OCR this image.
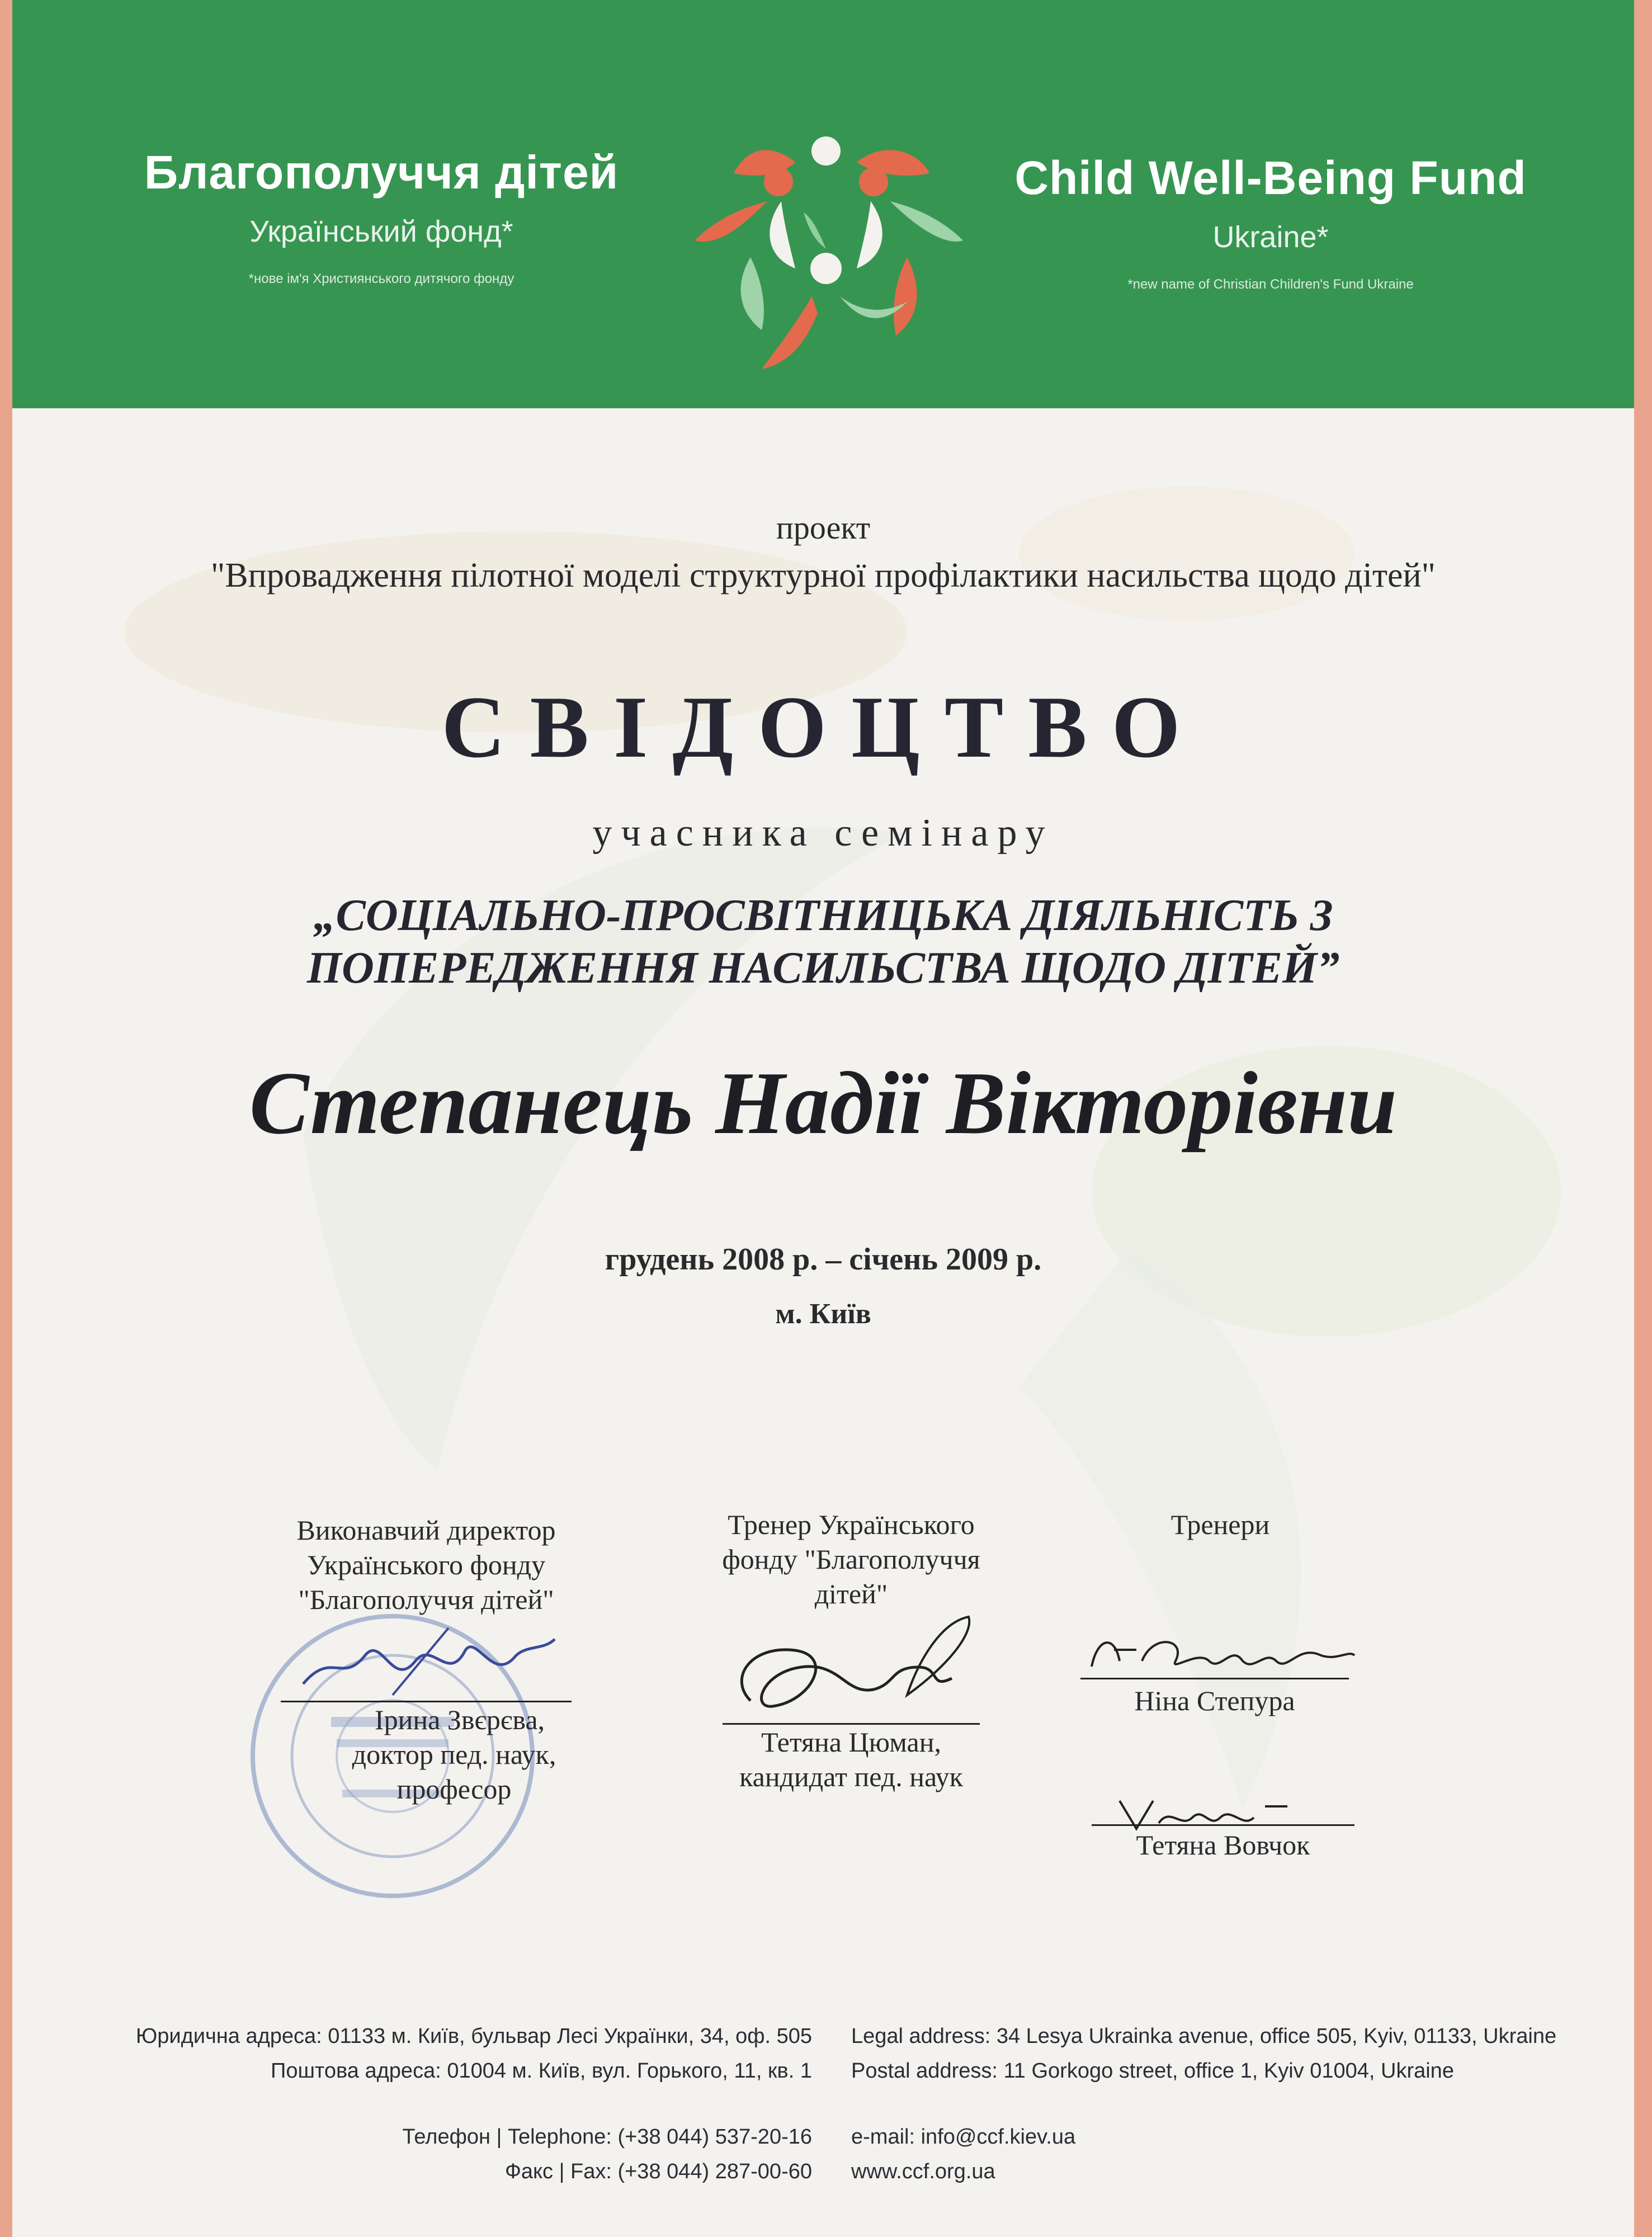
Благополуччя дітей
Український фонд*
*нове ім'я Християнського дитячого фонду
Child Well-Being Fund
Ukraine*
*new name of Christian Children's Fund Ukraine
проект
"Впровадження пілотної моделі структурної профілактики насильства щодо дітей"
СВІДОЦТВО
учасника семінару
„СОЦІАЛЬНО-ПРОСВІТНИЦЬКА ДІЯЛЬНІСТЬ З ПОПЕРЕДЖЕННЯ НАСИЛЬСТВА ЩОДО ДІТЕЙ”
Степанець Надії Вікторівни
грудень 2008 р. – січень 2009 р.
м. Київ
Виконавчий директор
Українського фонду
"Благополуччя дітей"
Ірина Звєрєва,
доктор пед. наук,
професор
Тренер Українського
фонду "Благополуччя
дітей"
Тетяна Цюман,
кандидат пед. наук
Тренери
Ніна Степура
Тетяна Вовчок
Юридична адреса: 01133 м. Київ, бульвар Лесі Українки, 34, оф. 505
Поштова адреса: 01004 м. Київ, вул. Горького, 11, кв. 1
Телефон | Telephone: (+38 044) 537-20-16
Факс | Fax: (+38 044) 287-00-60
Legal address: 34 Lesya Ukrainka avenue, office 505, Kyiv, 01133, Ukraine
Postal address: 11 Gorkogo street, office 1, Kyiv 01004, Ukraine
e-mail: info@ccf.kiev.ua
www.ccf.org.ua
